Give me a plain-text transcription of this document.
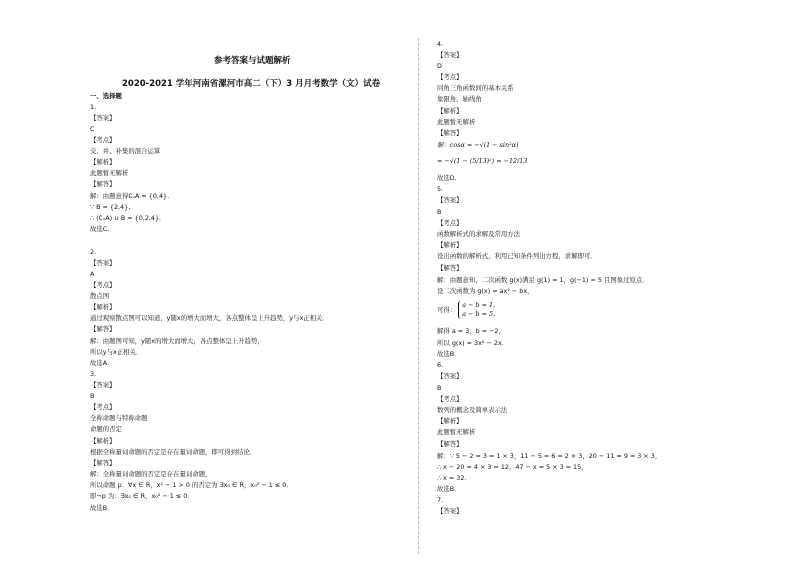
参考答案与试题解析
2020-2021 学年河南省漯河市高二（下）3 月月考数学（文）试卷
一、选择题
1.
【答案】
C
【考点】
交、并、补集的混合运算
【解析】
此题暂无解析
【解答】
解：由题意得∁ᵤA = {0,4}.
∵ B = {2,4},
∴ (∁ᵤA) ∪ B = {0,2,4}.
故选C.
2.
【答案】
A
【考点】
散点图
【解析】
通过观察散点图可以知道，y随x的增大而增大，各点整体呈上升趋势，y与x正相关．
【解答】
解：由题图可知，y随x的增大而增大，各点整体呈上升趋势，
所以y与x正相关．
故选A．
3.
【答案】
B
【考点】
全称命题与特称命题
命题的否定
【解析】
根据全称量词命题的否定是存在量词命题，即可得到结论．
【解答】
解：全称量词命题的否定是存在量词命题，
所以命题 p：∀x ∈ R，x² − 1 > 0 的否定为 ∃x₀ ∈ R，x₀² − 1 ≤ 0．
即¬p 为：∃x₀ ∈ R，x₀² − 1 ≤ 0．
故选B．
4.
【答案】
D
【考点】
同角三角函数间的基本关系
象限角、轴线角
【解析】
此题暂无解析
【解答】
解：cosα = −√(1 − sin²α)
= −√(1 − (5/13)²) = −12/13
故选D.
5.
【答案】
B
【考点】
函数解析式的求解及常用方法
【解析】
设出函数的解析式，利用已知条件列出方程，求解即可．
【解答】
解：由题意知，二次函数 g(x)满足 g(1) = 1，g(−1) = 5 且图象过原点．
设二次函数为 g(x) = ax² − bx，
可得：
a − b = 1，
a − b = 5，
解得 a = 3，b = −2，
所以 g(x) = 3x² − 2x．
故选B．
6.
【答案】
B
【考点】
数列的概念及简单表示法
【解析】
此题暂无解析
【解答】
解：∵ 5 − 2 = 3 = 1 × 3，11 − 5 = 6 = 2 × 3，20 − 11 = 9 = 3 × 3，
∴ x − 20 = 4 × 3 = 12，47 − x = 5 × 3 = 15，
∴ x = 32.
故选B．
7.
【答案】
